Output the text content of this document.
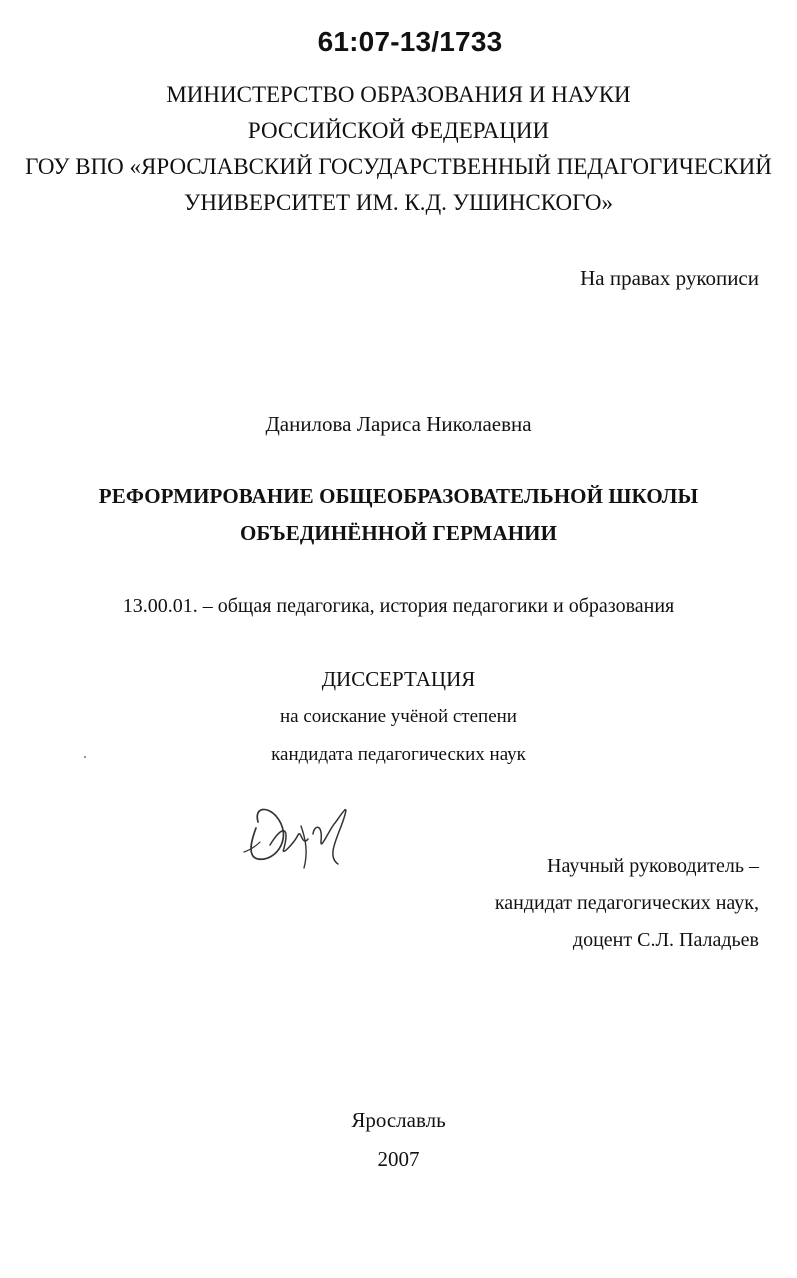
61:07-13/1733
МИНИСТЕРСТВО ОБРАЗОВАНИЯ И НАУКИ
РОССИЙСКОЙ ФЕДЕРАЦИИ
ГОУ ВПО «ЯРОСЛАВСКИЙ ГОСУДАРСТВЕННЫЙ ПЕДАГОГИЧЕСКИЙ
УНИВЕРСИТЕТ ИМ. К.Д. УШИНСКОГО»
На правах рукописи
Данилова Лариса Николаевна
РЕФОРМИРОВАНИЕ ОБЩЕОБРАЗОВАТЕЛЬНОЙ ШКОЛЫ
ОБЪЕДИНЁННОЙ ГЕРМАНИИ
13.00.01. – общая педагогика, история педагогики и образования
ДИССЕРТАЦИЯ
на соискание учёной степени
кандидата педагогических наук
Научный руководитель –
кандидат педагогических наук,
доцент С.Л. Паладьев
Ярославль
2007
